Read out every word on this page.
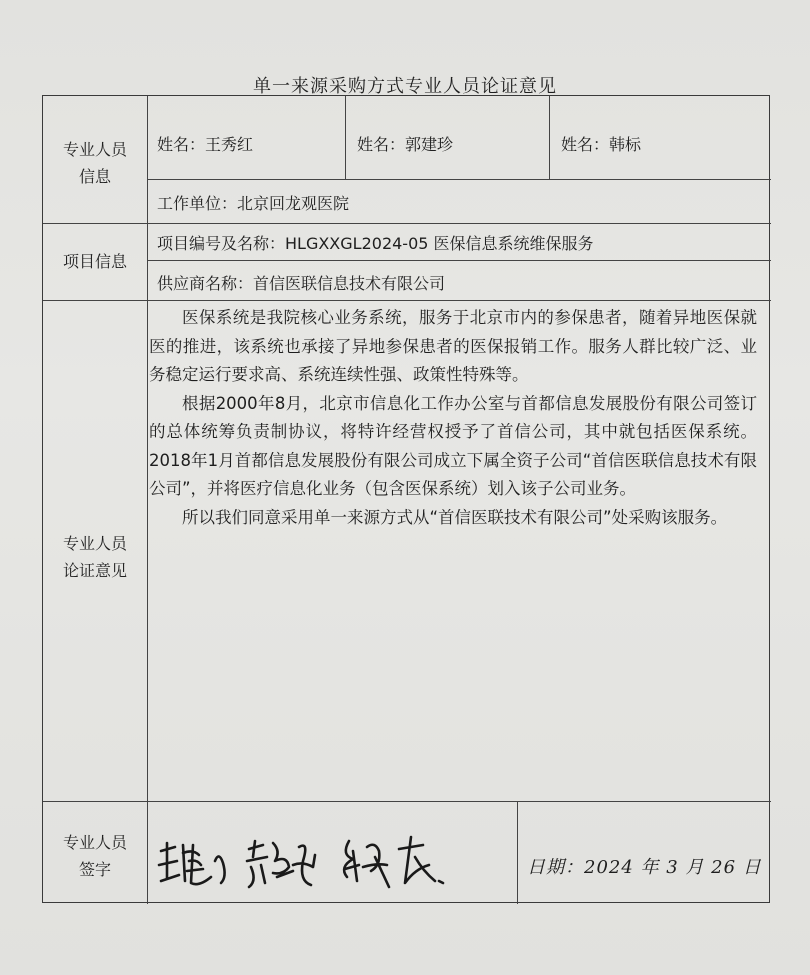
单一来源采购方式专业人员论证意见
专业人员信息
项目信息
专业人员论证意见
专业人员签字
姓名：王秀红	姓名：郭建珍	姓名：韩标
工作单位：北京回龙观医院
项目编号及名称：HLGXXGL2024-05 医保信息系统维保服务
供应商名称：首信医联信息技术有限公司

医保系统是我院核心业务系统，服务于北京市内的参保患者，随着异地医保就医的推进，该系统也承接了异地参保患者的医保报销工作。服务人群比较广泛、业务稳定运行要求高、系统连续性强、政策性特殊等。

根据2000年8月，北京市信息化工作办公室与首都信息发展股份有限公司签订的总体统筹负责制协议，将特许经营权授予了首信公司，其中就包括医保系统。2018年1月首都信息发展股份有限公司成立下属全资子公司“首信医联信息技术有限公司”，并将医疗信息化业务（包含医保系统）划入该子公司业务。

所以我们同意采用单一来源方式从“首信医联技术有限公司”处采购该服务。

日期：2024 年 3 月 26 日
